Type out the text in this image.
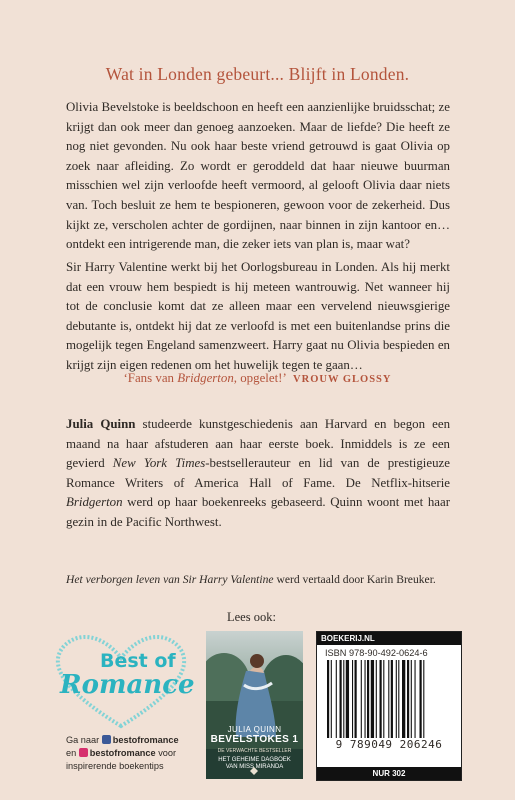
Wat in Londen gebeurt... Blijft in Londen.
Olivia Bevelstoke is beeldschoon en heeft een aanzienlijke bruidsschat; ze krijgt dan ook meer dan genoeg aanzoeken. Maar de liefde? Die heeft ze nog niet gevonden. Nu ook haar beste vriend getrouwd is gaat Olivia op zoek naar afleiding. Zo wordt er geroddeld dat haar nieuwe buurman misschien wel zijn verloofde heeft vermoord, al gelooft Olivia daar niets van. Toch besluit ze hem te bespioneren, gewoon voor de zekerheid. Dus kijkt ze, verscholen achter de gordijnen, naar binnen in zijn kantoor en… ontdekt een intrigerende man, die zeker iets van plan is, maar wat?
Sir Harry Valentine werkt bij het Oorlogsbureau in Londen. Als hij merkt dat een vrouw hem bespiedt is hij meteen wantrouwig. Net wanneer hij tot de conclusie komt dat ze alleen maar een vervelend nieuwsgierige debutante is, ontdekt hij dat ze verloofd is met een buitenlandse prins die mogelijk tegen Engeland samenzweert. Harry gaat nu Olivia bespieden en krijgt zijn eigen redenen om het huwelijk tegen te gaan…
‘Fans van Bridgerton, opgelet!’ VROUW GLOSSY
Julia Quinn studeerde kunstgeschiedenis aan Harvard en begon een maand na haar afstuderen aan haar eerste boek. Inmiddels is ze een gevierd New York Times-bestsellerauteur en lid van de prestigieuze Romance Writers of America Hall of Fame. De Netflix-hitserie Bridgerton werd op haar boekenreeks gebaseerd. Quinn woont met haar gezin in de Pacific Northwest.
Het verborgen leven van Sir Harry Valentine werd vertaald door Karin Breuker.
Lees ook:
Best of
Romance
Ga naar bestofromance
en bestofromance voor
inspirerende boekentips
JULIA QUINN
BEVELSTOKES 1
DE VERWACHTE BESTSELLER
HET GEHEIME DAGBOEK
VAN MISS MIRANDA
BOEKERIJ.NL
ISBN 978-90-492-0624-6
9 789049 206246
NUR 302
